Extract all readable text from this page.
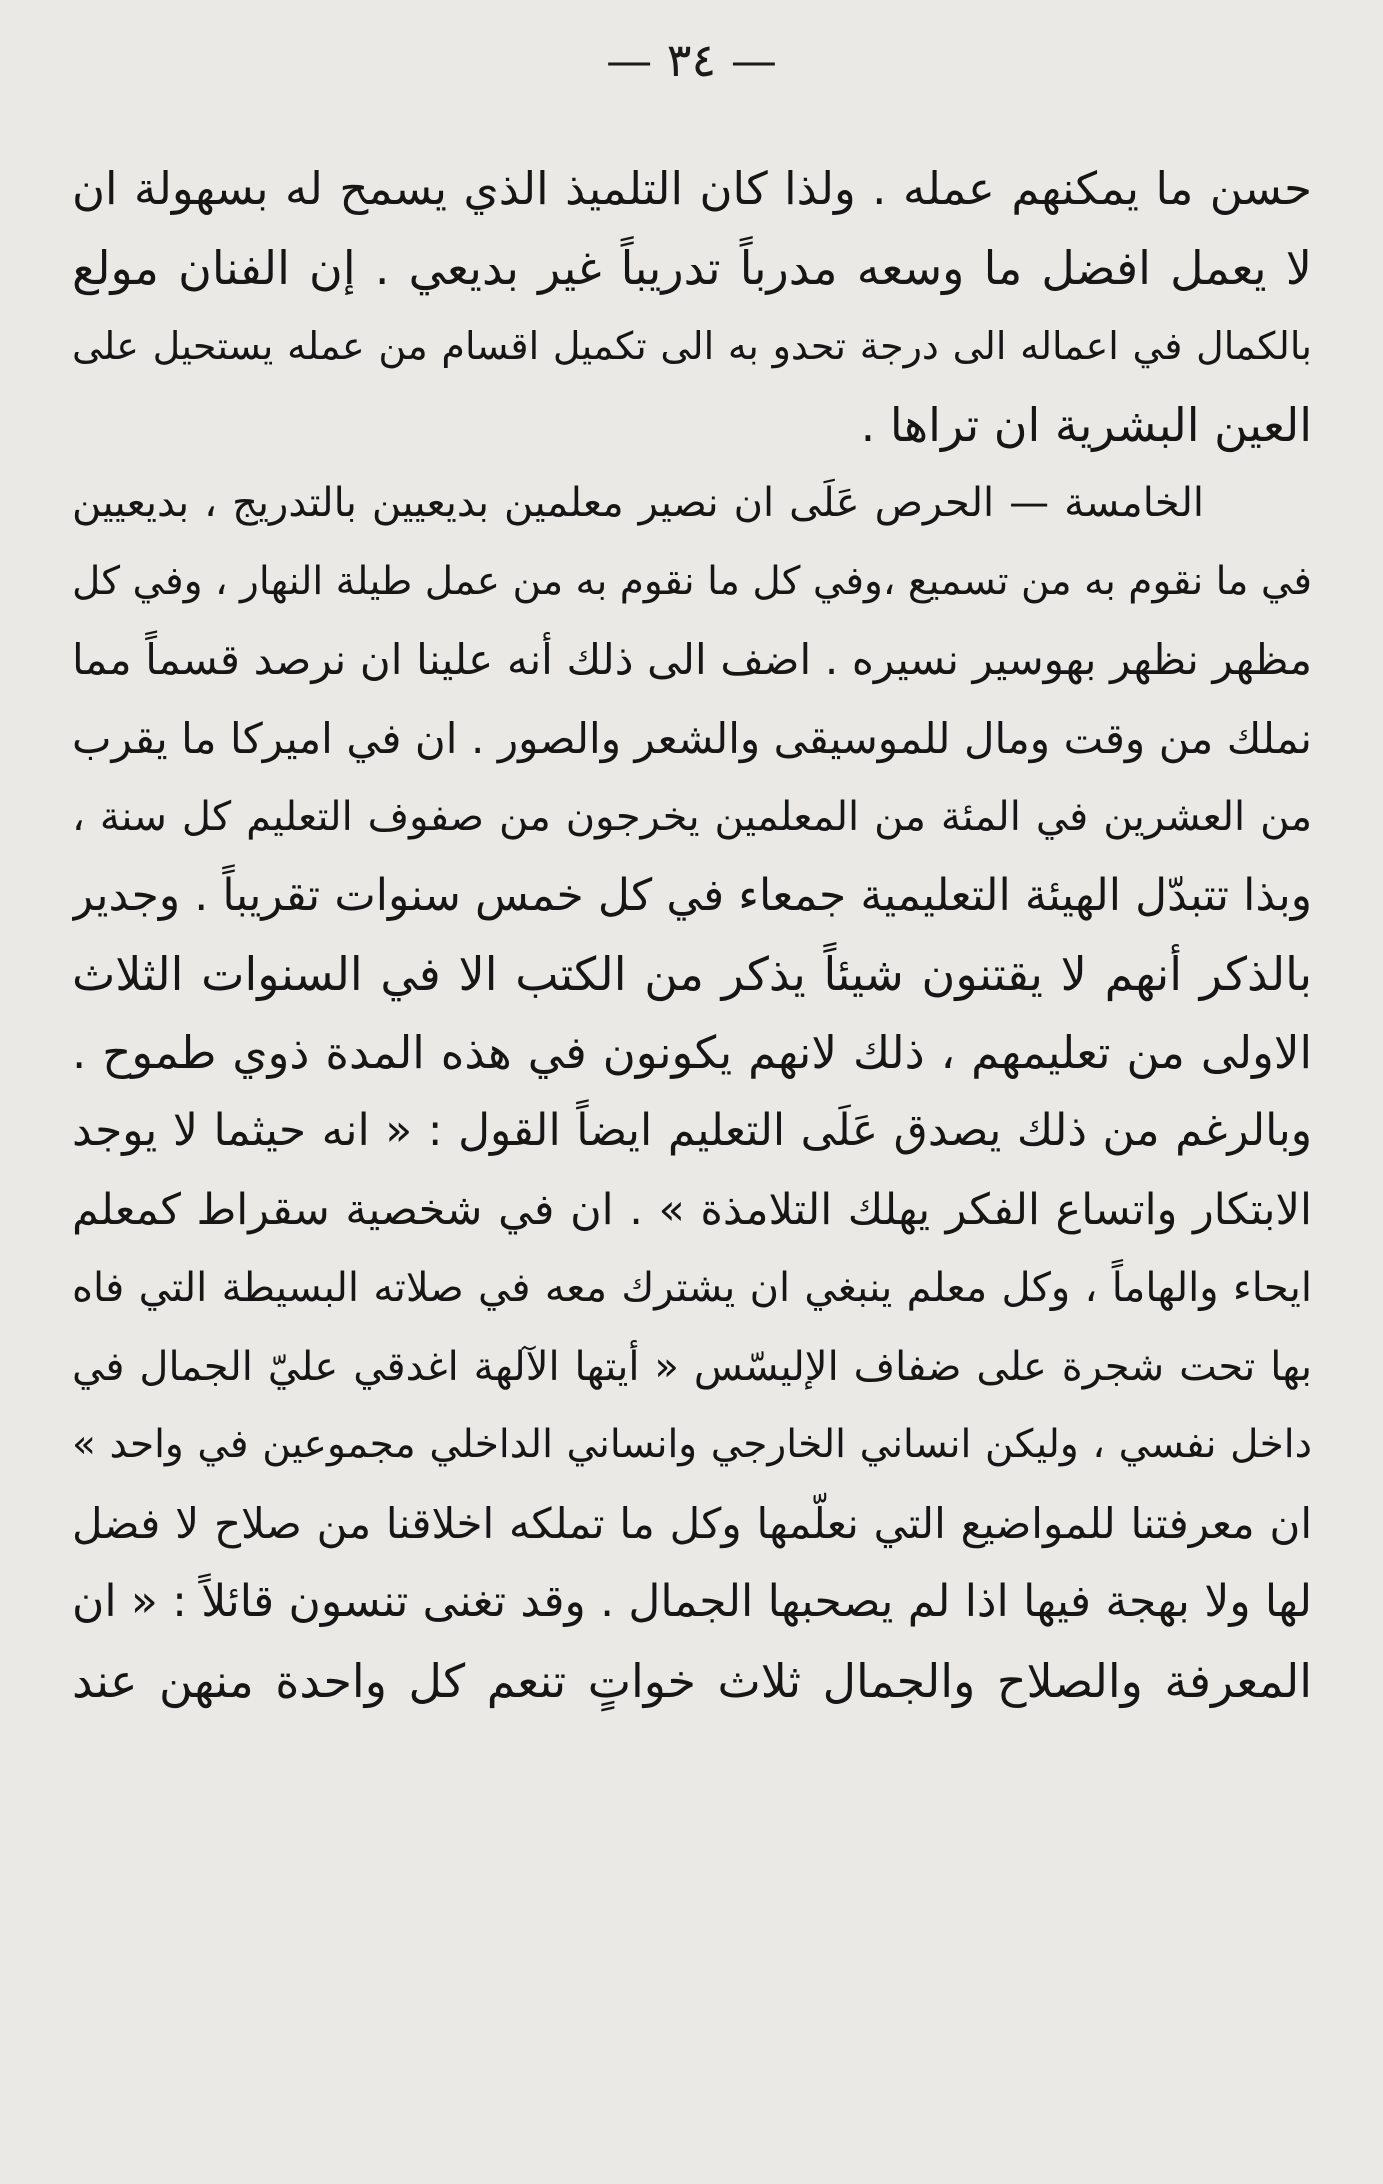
— ٣٤ —
حسن ما يمكنهم عمله . ولذا كان التلميذ الذي يسمح له بسهولة ان
لا يعمل افضل ما وسعه مدرباً تدريباً غير بديعي . إن الفنان مولع
بالكمال في اعماله الى درجة تحدو به الى تكميل اقسام من عمله يستحيل على
العين البشرية ان تراها .
الخامسة — الحرص عَلَى ان نصير معلمين بديعيين بالتدريج ، بديعيين
في ما نقوم به من تسميع ،وفي كل ما نقوم به من عمل طيلة النهار ، وفي كل
مظهر نظهر بهوسير نسيره . اضف الى ذلك أنه علينا ان نرصد قسماً مما
نملك من وقت ومال للموسيقى والشعر والصور . ان في اميركا ما يقرب
من العشرين في المئة من المعلمين يخرجون من صفوف التعليم كل سنة ،
وبذا تتبدّل الهيئة التعليمية جمعاء في كل خمس سنوات تقريباً . وجدير
بالذكر أنهم لا يقتنون شيئاً يذكر من الكتب الا في السنوات الثلاث
الاولى من تعليمهم ، ذلك لانهم يكونون في هذه المدة ذوي طموح .
وبالرغم من ذلك يصدق عَلَى التعليم ايضاً القول : « انه حيثما لا يوجد
الابتكار واتساع الفكر يهلك التلامذة » . ان في شخصية سقراط كمعلم
ايحاء والهاماً ، وكل معلم ينبغي ان يشترك معه في صلاته البسيطة التي فاه
بها تحت شجرة على ضفاف الإليسّس « أيتها الآلهة اغدقي عليّ الجمال في
داخل نفسي ، وليكن انساني الخارجي وانساني الداخلي مجموعين في واحد »
ان معرفتنا للمواضيع التي نعلّمها وكل ما تملكه اخلاقنا من صلاح لا فضل
لها ولا بهجة فيها اذا لم يصحبها الجمال . وقد تغنى تنسون قائلاً : « ان
المعرفة والصلاح والجمال ثلاث خواتٍ تنعم كل واحدة منهن عند
